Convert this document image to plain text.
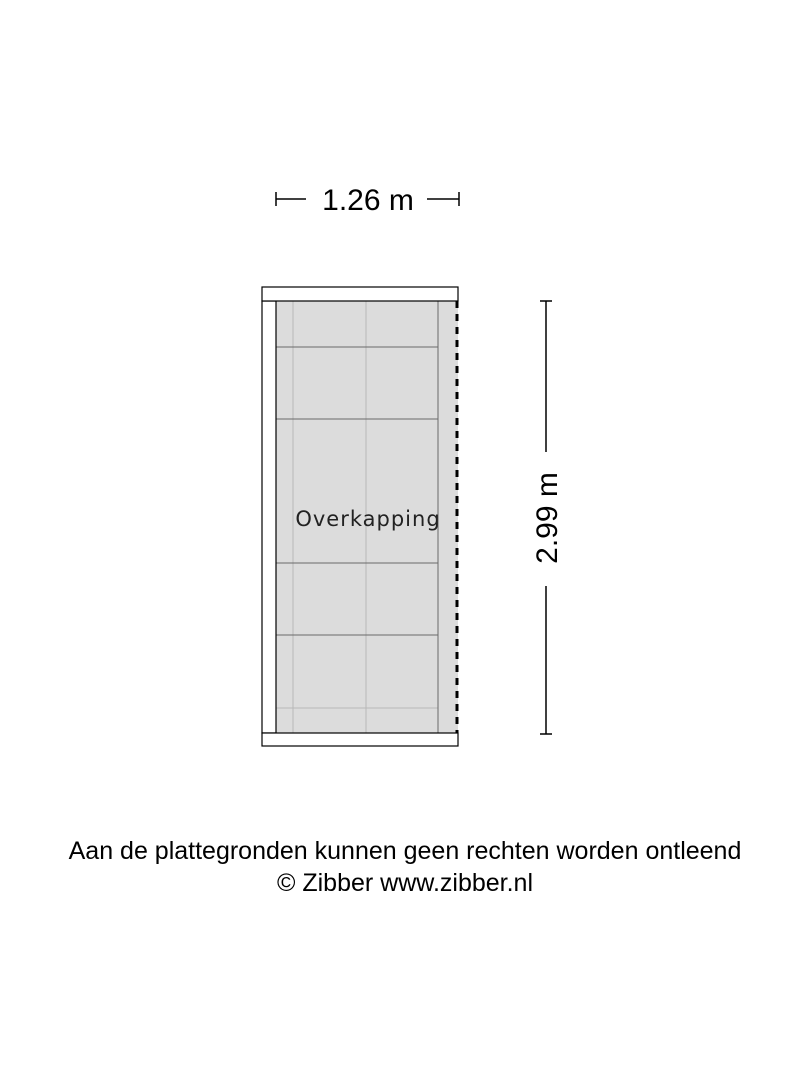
1.26 m
2.99 m
Overkapping
Aan de plattegronden kunnen geen rechten worden ontleend
© Zibber www.zibber.nl
